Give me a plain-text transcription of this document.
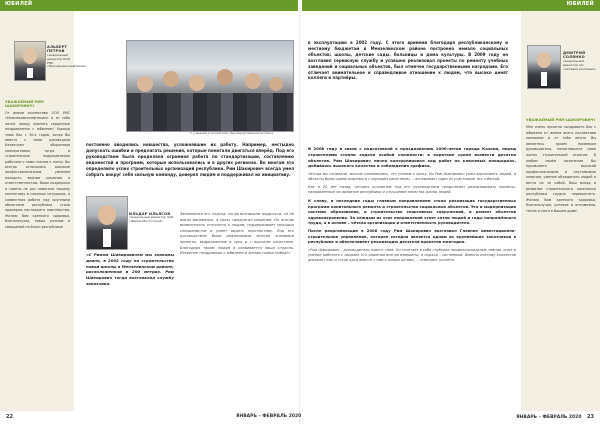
ЮБИЛЕЙ	ЮБИЛЕЙ
АЛЬБЕРТ ПЕТРОВ
генеральный директор ООО УМС «Нижнекамскнефтехим»
УВАЖАЕМЫЙ РИМ ШАКИРОВИЧ!

От имени коллектива ООО УМС «Нижнекамскнефтехим» и от себя лично прошу принять сердечные поздравления с юбилеем! Хорошо знаю Вас с 30-х годов, когда Вы вместе с нами руководили Казанским оборонным кооперативом, тогда и строительные подразделения работали с нами плечом к плечу. Вы всегда отличались высоким профессионализмом, умением находить верные решения и ответственностью. Ваша поддержка и советы не раз помогали нашему коллективу в сложных ситуациях, а совместная работа над крупными объектами республики стала примером настоящего партнёрства. Желаю Вам крепкого здоровья, благополучия, новых успехов и свершений на благо республики!

С учеными и коллегами. Производственная встреча

постоянно вводились новшества, усложнявшие их работу. Например, нестыдно допускать ошибки и предлагать решения, которые помогали двигаться вперёд. Под его руководством была проделана огромная работа по стандартизации, составлению ведомостей и программ, которые использовались и в других регионах. Во многом это определило успех строительных организаций республики. Рим Шакирович всегда умел собрать вокруг себя сильную команду, доверял людям и поддерживал их инициативу.

ИЛЬДАР ИЛЬЯСОВ
генеральный директор ЗАО «Фирма-Мостострой»

«С Римом Шакировичем мы знакомы давно, в 2002 году на строительство новой школы в Мензелинском районе, расположенной в 200 метрах. Рим Шакирович тогда возглавлял службу заказчика.

Запомнился его подход: когда возникали трудности, он не искал виноватых, а сразу предлагал решение. Он всегда внимательно относится к людям, поддерживает молодых специалистов и умеет видеть перспективу. Под его руководством были реализованы многие значимые проекты, выдержанные в срок и с высоким качеством. Благодаря таким людям и развивается наша отрасль. Искренне поздравляю с юбилеем и желаю новых побед!»

22	ЯНВАРЬ – ФЕВРАЛЬ 2020

в эксплуатацию в 2002 году. С этого времени благодаря республиканскому и местному бюджетам в Мензелинском районе построено немало социальных объектов: школы, детские сады, больницы и дома культуры. В 2009 году он возглавил сервисную службу и успешно реализовал проекты по ремонту учебных заведений и социальных объектов, был отмечен государственными наградами. Его отличает внимательное и справедливое отношение к людям, что высоко ценят коллеги и партнёры.

В 2008 году в связи с подготовкой к празднованию 1000-летия города Казани, перед строителями стояли задачи особой сложности: в короткие сроки возвести десятки объектов. Рим Шакирович лично контролировал ход работ на ключевых площадках, добиваясь высокого качества и соблюдения графика.

«Когда мы начинали, многие сомневались, что успеем к сроку. Но Рим Шакирович умел вдохновить людей, и объекты были сданы вовремя и с хорошим качеством», – вспоминает один из участников тех событий.

Как и 20 лет назад, сегодня коллектив под его руководством продолжает реализовывать проекты, направленные на развитие республики и улучшение качества жизни людей.

К слову, в последние годы главным направлением стала реализация государственных программ капитального ремонта и строительства социальных объектов. Это и модернизация системы образования, и строительство спортивных сооружений, и ремонт объектов здравоохранения. За каждым из этих направлений стоят сотни людей и годы напряжённого труда, а в основе – чёткая организация и ответственность руководителя.

После реорганизации в 2008 году Рим Шакирович возглавил Главное инвестиционно-строительное управление, которое сегодня является одним из крупнейших заказчиков в республике и обеспечивает реализацию десятков проектов ежегодно.

«Рим Шакирович – руководитель нового типа. Он сочетает в себе глубокие профессиональные знания, опыт и умение работать с людьми. Его решения всегда взвешены, а подход – системный. Именно поэтому коллектив доверяет ему и готов идти вместе с ним к новым целям», – отмечают коллеги.

ДМИТРИЙ СОЛЯНКО
генеральный директор АО «Сетевая компания»
УВАЖАЕМЫЙ РИМ ШАКИРОВИЧ!

Мне очень приятно поздравить Вас с юбилеем от имени всего коллектива компании и от себя лично. Вы являетесь ярким примером руководителя, посвятившего свою жизнь строительной отрасли. В любом своём начинании Вы проявляете высокий профессионализм и неутомимую энергию, умение объединять людей и вести их за собой. Ваш вклад в развитие строительного комплекса республики трудно переоценить. Желаю Вам крепкого здоровья, благополучия, успехов и оптимизма, тепла и уюта в Вашем доме!

ЯНВАРЬ – ФЕВРАЛЬ 2020 23
